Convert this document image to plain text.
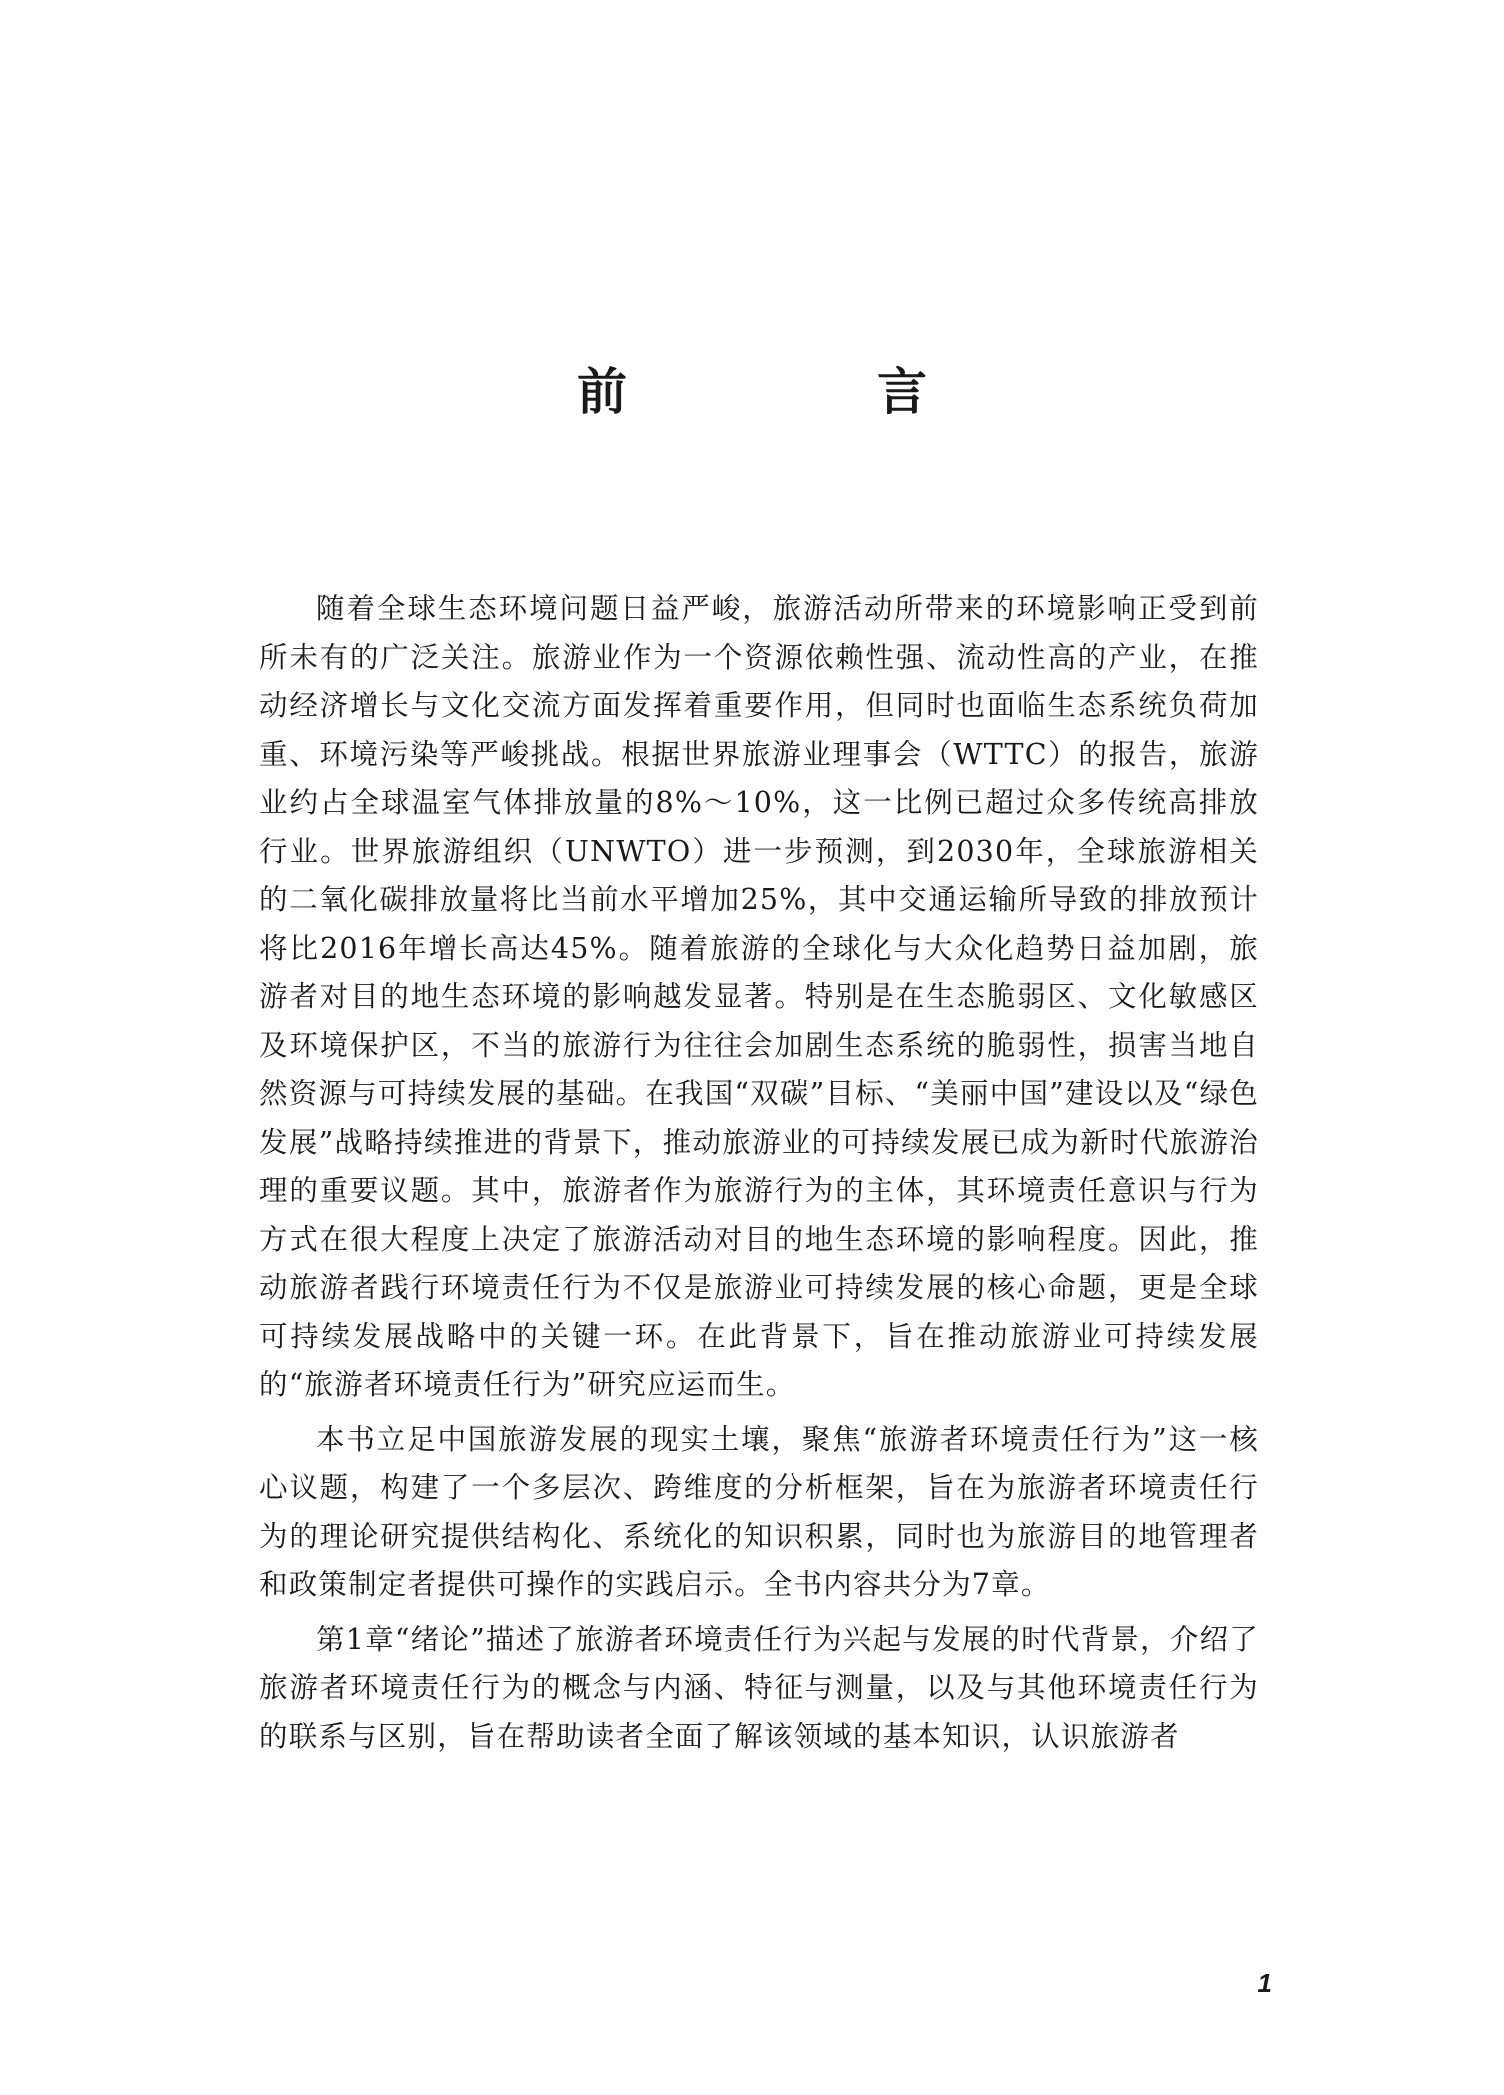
前　言

随着全球生态环境问题日益严峻，旅游活动所带来的环境影响正受到前所未有的广泛关注。旅游业作为一个资源依赖性强、流动性高的产业，在推动经济增长与文化交流方面发挥着重要作用，但同时也面临生态系统负荷加重、环境污染等严峻挑战。根据世界旅游业理事会（WTTC）的报告，旅游业约占全球温室气体排放量的8%～10%，这一比例已超过众多传统高排放行业。世界旅游组织（UNWTO）进一步预测，到2030年，全球旅游相关的二氧化碳排放量将比当前水平增加25%，其中交通运输所导致的排放预计将比2016年增长高达45%。随着旅游的全球化与大众化趋势日益加剧，旅游者对目的地生态环境的影响越发显著。特别是在生态脆弱区、文化敏感区及环境保护区，不当的旅游行为往往会加剧生态系统的脆弱性，损害当地自然资源与可持续发展的基础。在我国“双碳”目标、“美丽中国”建设以及“绿色发展”战略持续推进的背景下，推动旅游业的可持续发展已成为新时代旅游治理的重要议题。其中，旅游者作为旅游行为的主体，其环境责任意识与行为方式在很大程度上决定了旅游活动对目的地生态环境的影响程度。因此，推动旅游者践行环境责任行为不仅是旅游业可持续发展的核心命题，更是全球可持续发展战略中的关键一环。在此背景下，旨在推动旅游业可持续发展的“旅游者环境责任行为”研究应运而生。

本书立足中国旅游发展的现实土壤，聚焦“旅游者环境责任行为”这一核心议题，构建了一个多层次、跨维度的分析框架，旨在为旅游者环境责任行为的理论研究提供结构化、系统化的知识积累，同时也为旅游目的地管理者和政策制定者提供可操作的实践启示。全书内容共分为7章。

第1章“绪论”描述了旅游者环境责任行为兴起与发展的时代背景，介绍了旅游者环境责任行为的概念与内涵、特征与测量，以及与其他环境责任行为的联系与区别，旨在帮助读者全面了解该领域的基本知识，认识旅游者

1
